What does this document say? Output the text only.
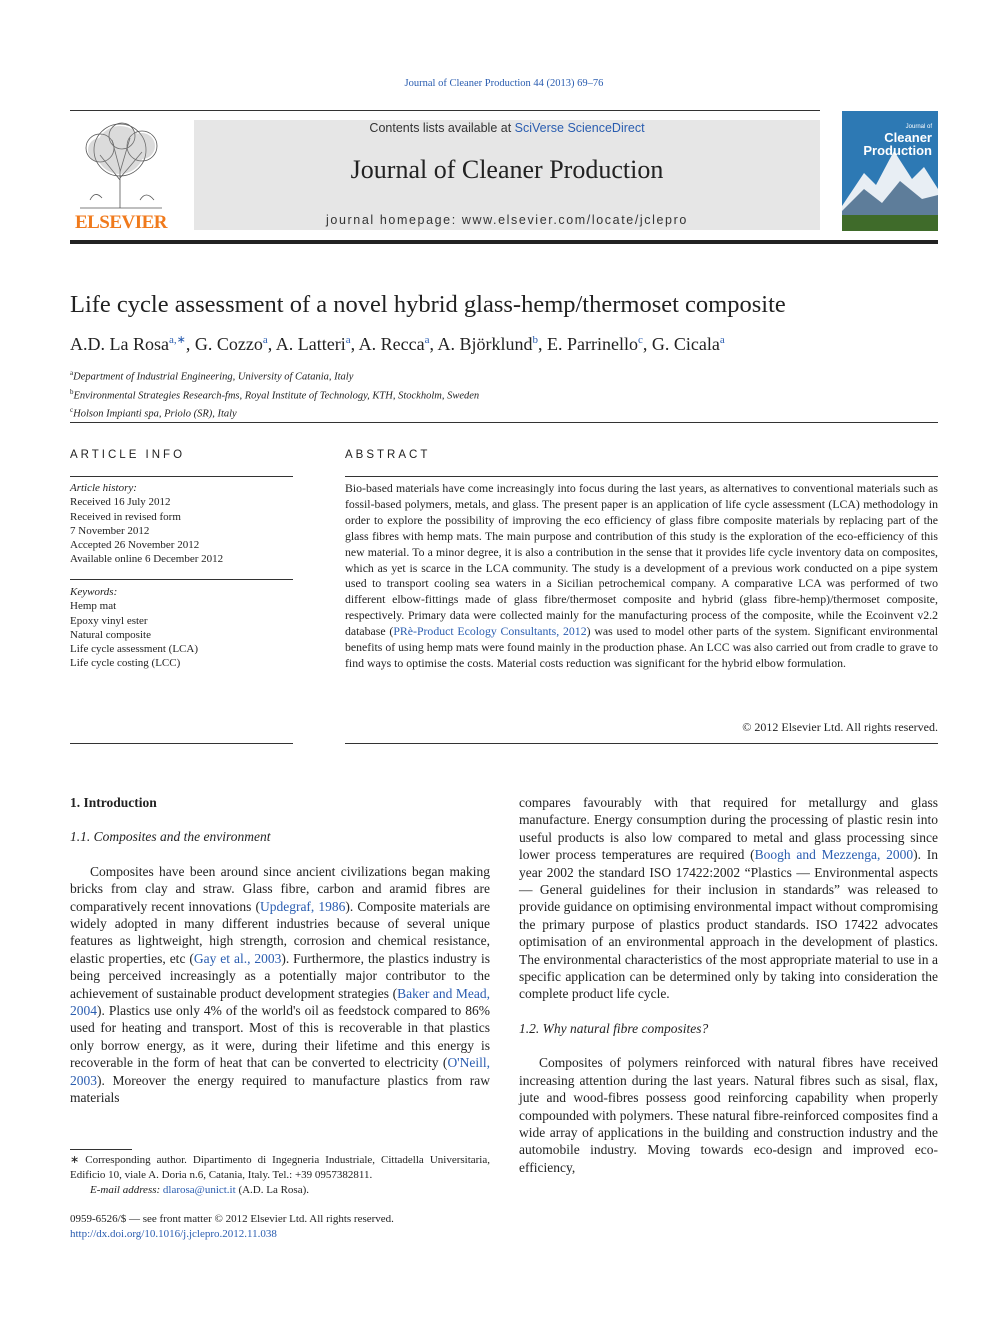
Journal of Cleaner Production 44 (2013) 69–76
ELSEVIER
Contents lists available at SciVerse ScienceDirect
Journal of Cleaner Production
journal homepage: www.elsevier.com/locate/jclepro
Journal of
Cleaner
Production
Life cycle assessment of a novel hybrid glass-hemp/thermoset composite
A.D. La Rosa$^{a,∗}$, G. Cozzo$^a$, A. Latteri$^a$, A. Recca$^a$, A. Björklund$^b$, E. Parrinello$^c$, G. Cicala$^a$
$^a$Department of Industrial Engineering, University of Catania, Italy
$^b$Environmental Strategies Research-fms, Royal Institute of Technology, KTH, Stockholm, Sweden
$^c$Holson Impianti spa, Priolo (SR), Italy
ARTICLE INFO
Article history:
Received 16 July 2012
Received in revised form
7 November 2012
Accepted 26 November 2012
Available online 6 December 2012
Keywords:
Hemp mat
Epoxy vinyl ester
Natural composite
Life cycle assessment (LCA)
Life cycle costing (LCC)
ABSTRACT
Bio-based materials have come increasingly into focus during the last years, as alternatives to conventional materials such as fossil-based polymers, metals, and glass. The present paper is an application of life cycle assessment (LCA) methodology in order to explore the possibility of improving the eco efficiency of glass fibre composite materials by replacing part of the glass fibres with hemp mats. The main purpose and contribution of this study is the exploration of the eco-efficiency of this new material. To a minor degree, it is also a contribution in the sense that it provides life cycle inventory data on composites, which as yet is scarce in the LCA community. The study is a development of a previous work conducted on a pipe system used to transport cooling sea waters in a Sicilian petrochemical company. A comparative LCA was performed of two different elbow-fittings made of glass fibre/thermoset composite and hybrid (glass fibre-hemp)/thermoset composite, respectively. Primary data were collected mainly for the manufacturing process of the composite, while the Ecoinvent v2.2 database (PRè-Product Ecology Consultants, 2012) was used to model other parts of the system. Significant environmental benefits of using hemp mats were found mainly in the production phase. An LCC was also carried out from cradle to grave to find ways to optimise the costs. Material costs reduction was significant for the hybrid elbow formulation.
© 2012 Elsevier Ltd. All rights reserved.

1. Introduction

1.1. Composites and the environment

Composites have been around since ancient civilizations began making bricks from clay and straw. Glass fibre, carbon and aramid fibres are comparatively recent innovations (Updegraf, 1986). Composite materials are widely adopted in many different industries because of several unique features as lightweight, high strength, corrosion and chemical resistance, elastic properties, etc (Gay et al., 2003). Furthermore, the plastics industry is being perceived increasingly as a potentially major contributor to the achievement of sustainable product development strategies (Baker and Mead, 2004). Plastics use only 4% of the world's oil as feedstock compared to 86% used for heating and transport. Most of this is recoverable in that plastics only borrow energy, as it were, during their lifetime and this energy is recoverable in the form of heat that can be converted to electricity (O'Neill, 2003). Moreover the energy required to manufacture plastics from raw materials

compares favourably with that required for metallurgy and glass manufacture. Energy consumption during the processing of plastic resin into useful products is also low compared to metal and glass processing since lower process temperatures are required (Boogh and Mezzenga, 2000). In year 2002 the standard ISO 17422:2002 “Plastics — Environmental aspects — General guidelines for their inclusion in standards” was released to provide guidance on optimising environmental impact without compromising the primary purpose of plastics product standards. ISO 17422 advocates optimisation of an environmental approach in the development of plastics. The environmental characteristics of the most appropriate material to use in a specific application can be determined only by taking into consideration the complete product life cycle.

1.2. Why natural fibre composites?

Composites of polymers reinforced with natural fibres have received increasing attention during the last years. Natural fibres such as sisal, flax, jute and wood-fibres possess good reinforcing capability when properly compounded with polymers. These natural fibre-reinforced composites find a wide array of applications in the building and construction industry and the automobile industry. Moving towards eco-design and improved eco-efficiency,

∗ Corresponding author. Dipartimento di Ingegneria Industriale, Cittadella Universitaria, Edificio 10, viale A. Doria n.6, Catania, Italy. Tel.: +39 0957382811.
E-mail address: dlarosa@unict.it (A.D. La Rosa).
0959-6526/$ — see front matter © 2012 Elsevier Ltd. All rights reserved.
http://dx.doi.org/10.1016/j.jclepro.2012.11.038
